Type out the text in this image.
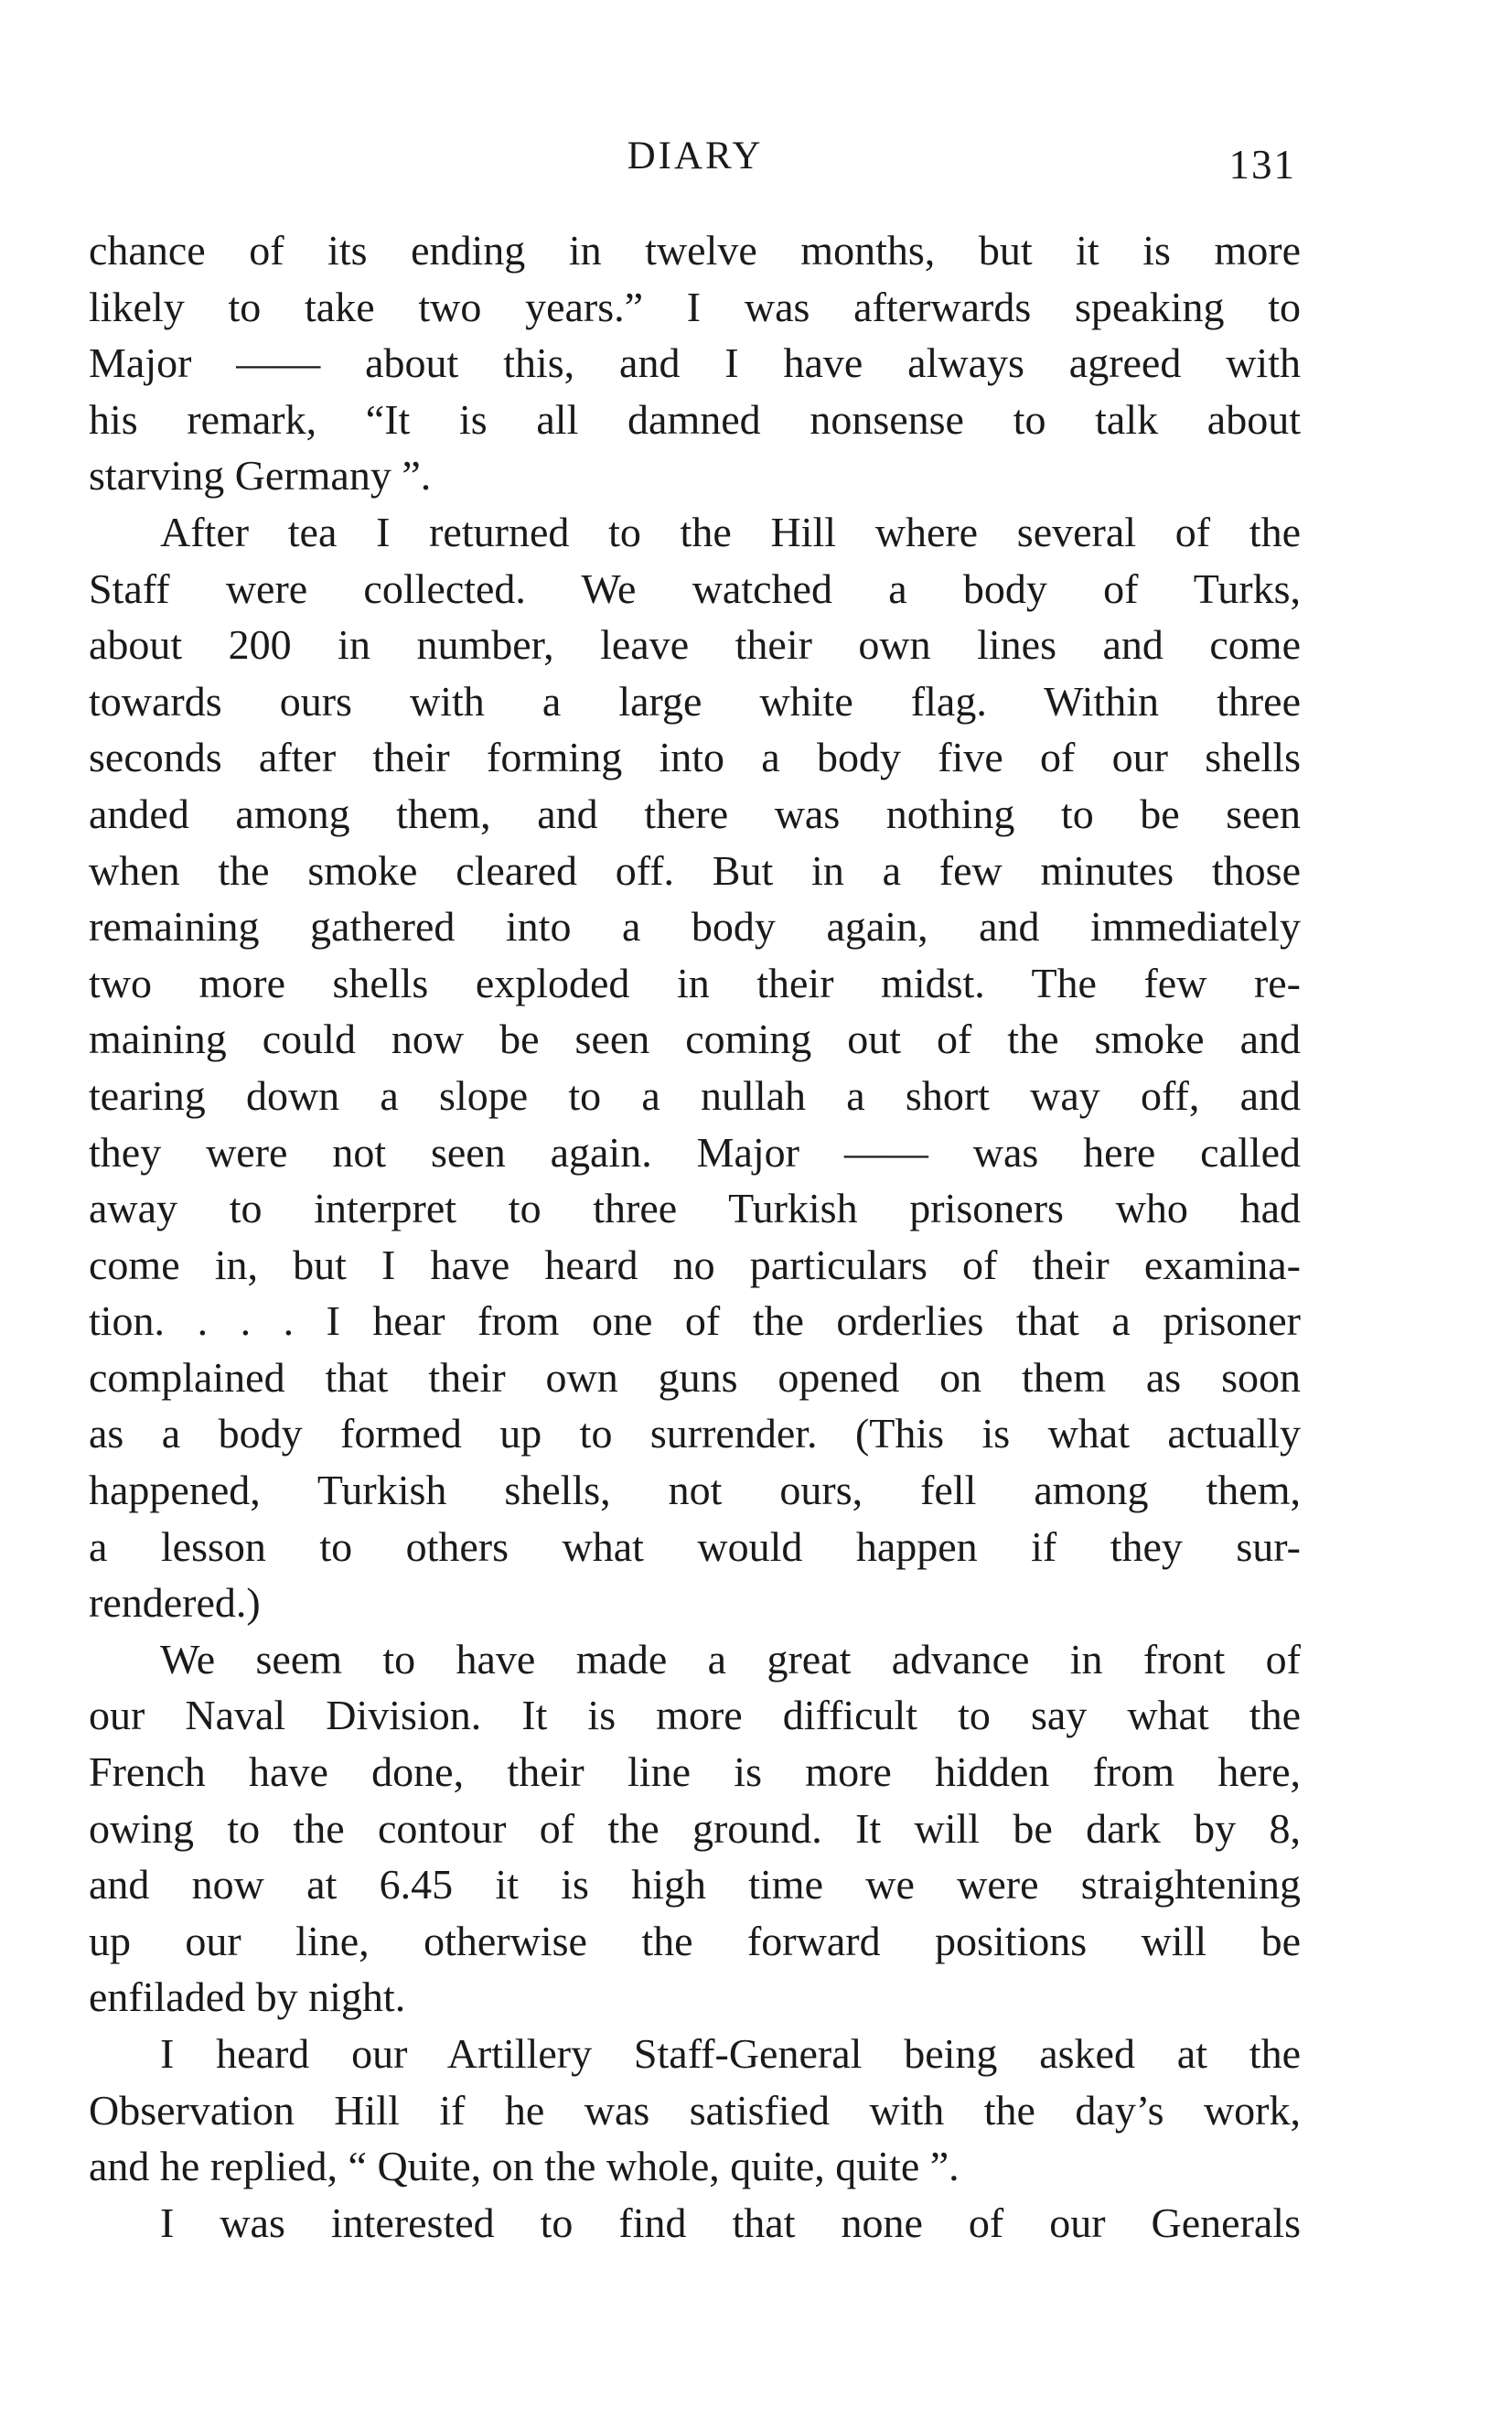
DIARY	131
chance of its ending in twelve months, but it is more
likely to take two years.” I was afterwards speaking to
Major —— about this, and I have always agreed with
his remark, “It is all damned nonsense to talk about
starving Germany ”.
After tea I returned to the Hill where several of the
Staff were collected. We watched a body of Turks,
about 200 in number, leave their own lines and come
towards ours with a large white flag. Within three
seconds after their forming into a body five of our shells
anded among them, and there was nothing to be seen
when the smoke cleared off. But in a few minutes those
remaining gathered into a body again, and immediately
two more shells exploded in their midst. The few re-
maining could now be seen coming out of the smoke and
tearing down a slope to a nullah a short way off, and
they were not seen again. Major —— was here called
away to interpret to three Turkish prisoners who had
come in, but I have heard no particulars of their examina-
tion. . . . I hear from one of the orderlies that a prisoner
complained that their own guns opened on them as soon
as a body formed up to surrender. (This is what actually
happened, Turkish shells, not ours, fell among them,
a lesson to others what would happen if they sur-
rendered.)
We seem to have made a great advance in front of
our Naval Division. It is more difficult to say what the
French have done, their line is more hidden from here,
owing to the contour of the ground. It will be dark by 8,
and now at 6.45 it is high time we were straightening
up our line, otherwise the forward positions will be
enfiladed by night.
I heard our Artillery Staff-General being asked at the
Observation Hill if he was satisfied with the day’s work,
and he replied, “ Quite, on the whole, quite, quite ”.
I was interested to find that none of our Generals
